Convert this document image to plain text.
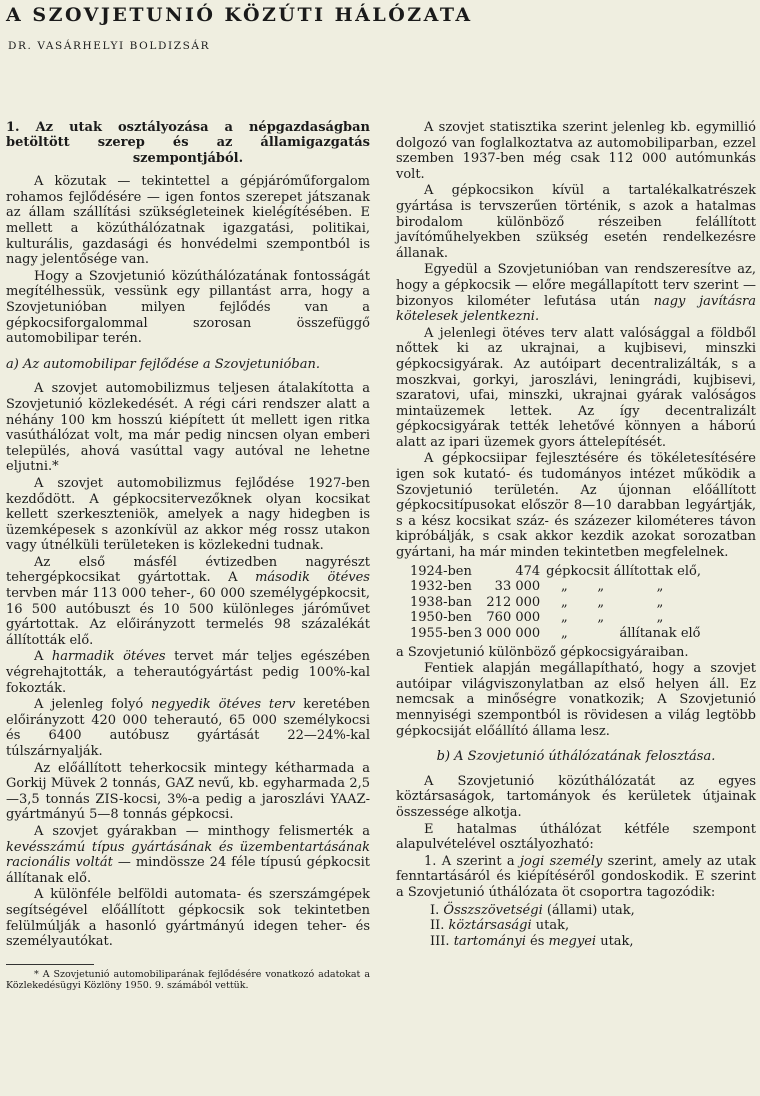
A SZOVJETUNIÓ KÖZÚTI HÁLÓZATA
DR. VASÁRHELYI BOLDIZSÁR
1. Az utak osztályozása a népgazdaságban betöltött szerep és az államigazgatás szempontjából.

A közutak — tekintettel a gépjáróműforgalom rohamos fejlődésére — igen fontos szerepet játszanak az állam szállítási szükségleteinek kielégítésében. E mellett a közúthálózatnak igazgatási, politikai, kulturális, gazdasági és honvédelmi szempontból is nagy jelentősége van.

Hogy a Szovjetunió közúthálózatának fontosságát megítélhessük, vessünk egy pillantást arra, hogy a Szovjetunióban milyen fejlődés van a gépkocsiforgalommal szorosan összefüggő automobilipar terén.

a) Az automobilipar fejlődése a Szovjetunióban.

A szovjet automobilizmus teljesen átalakította a Szovjetunió közlekedését. A régi cári rendszer alatt a néhány 100 km hosszú kiépített út mellett igen ritka vasúthálózat volt, ma már pedig nincsen olyan emberi település, ahová vasúttal vagy autóval ne lehetne eljutni.*

A szovjet automobilizmus fejlődése 1927-ben kezdődött. A gépkocsitervezőknek olyan kocsikat kellett szerkeszteniök, amelyek a nagy hidegben is üzemképesek s azonkívül az akkor még rossz utakon vagy útnélküli területeken is közlekedni tudnak.

Az első másfél évtizedben nagyrészt tehergépkocsikat gyártottak. A második ötéves tervben már 113 000 teher-, 60 000 személygépkocsit, 16 500 autóbuszt és 10 500 különleges járóművet gyártottak. Az előirányzott termelés 98 százalékát állították elő.

A harmadik ötéves tervet már teljes egészében végrehajtották, a teherautógyártást pedig 100%-kal fokozták.

A jelenleg folyó negyedik ötéves terv keretében előirányzott 420 000 teherautó, 65 000 személykocsi és 6400 autóbusz gyártását 22—24%-kal túlszárnyalják.

Az előállított teherkocsik mintegy kétharmada a Gorkij Müvek 2 tonnás, GAZ nevű, kb. egyharmada 2,5—3,5 tonnás ZIS-kocsi, 3%-a pedig a jaroszlávi YAAZ-gyártmányú 5—8 tonnás gépkocsi.

A szovjet gyárakban — minthogy felismerték a kevésszámú típus gyártásának és üzembentartásának racionális voltát — mindössze 24 féle típusú gépkocsit állítanak elő.

A különféle belföldi automata- és szerszámgépek segítségével előállított gépkocsik sok tekintetben felülmúlják a hasonló gyártmányú idegen teher- és személyautókat.

* A Szovjetunió automobiliparának fejlődésére vonatkozó adatokat a Közlekedésügyi Közlöny 1950. 9. számából vettük.

A szovjet statisztika szerint jelenleg kb. egymillió dolgozó van foglalkoztatva az automobiliparban, ezzel szemben 1937-ben még csak 112 000 autómunkás volt.

A gépkocsikon kívül a tartalékalkatrészek gyártása is tervszerűen történik, s azok a hatalmas birodalom különböző részeiben felállított javítóműhelyekben szükség esetén rendelkezésre állanak.

Egyedül a Szovjetunióban van rendszeresítve az, hogy a gépkocsik — előre megállapított terv szerint — bizonyos kilométer lefutása után nagy javításra kötelesek jelentkezni.

A jelenlegi ötéves terv alatt valósággal a földből nőttek ki az ukrajnai, a kujbisevi, minszki gépkocsigyárak. Az autóipart decentralizálták, s a moszkvai, gorkyi, jaroszlávi, leningrádi, kujbisevi, szaratovi, ufai, minszki, ukrajnai gyárak valóságos mintaüzemek lettek. Az így decentralizált gépkocsigyárak tették lehetővé könnyen a háború alatt az ipari üzemek gyors áttelepítését.

A gépkocsiipar fejlesztésére és tökéletesítésére igen sok kutató- és tudományos intézet működik a Szovjetunió területén. Az újonnan előállított gépkocsitípusokat először 8—10 darabban legyártják, s a kész kocsikat száz- és százezer kilométeres távon kipróbálják, s csak akkor kezdik azokat sorozatban gyártani, ha már minden tekintetben megfelelnek.

1924-ben	474	gépkocsit állítottak elő,		
1932-ben	33 000	„	„	„
1938-ban	212 000	„	„	„
1950-ben	760 000	„	„	„
1955-ben	3 000 000	„		állítanak elő

a Szovjetunió különböző gépkocsigyáraiban.

Fentiek alapján megállapítható, hogy a szovjet autóipar világviszonylatban az első helyen áll. Ez nemcsak a minőségre vonatkozik; A Szovjetunió mennyiségi szempontból is rövidesen a világ legtöbb gépkocsiját előállító állama lesz.

b) A Szovjetunió úthálózatának felosztása.

A Szovjetunió közúthálózatát az egyes köztársaságok, tartományok és kerületek útjainak összessége alkotja.

E hatalmas úthálózat kétféle szempont alapulvételével osztályozható:

1. A szerint a jogi személy szerint, amely az utak fenntartásáról és kiépítéséről gondoskodik. E szerint a Szovjetunió úthálózata öt csoportra tagozódik:

I. Összszövetségi (állami) utak,
II. köztársasági utak,
III. tartományi és megyei utak,
